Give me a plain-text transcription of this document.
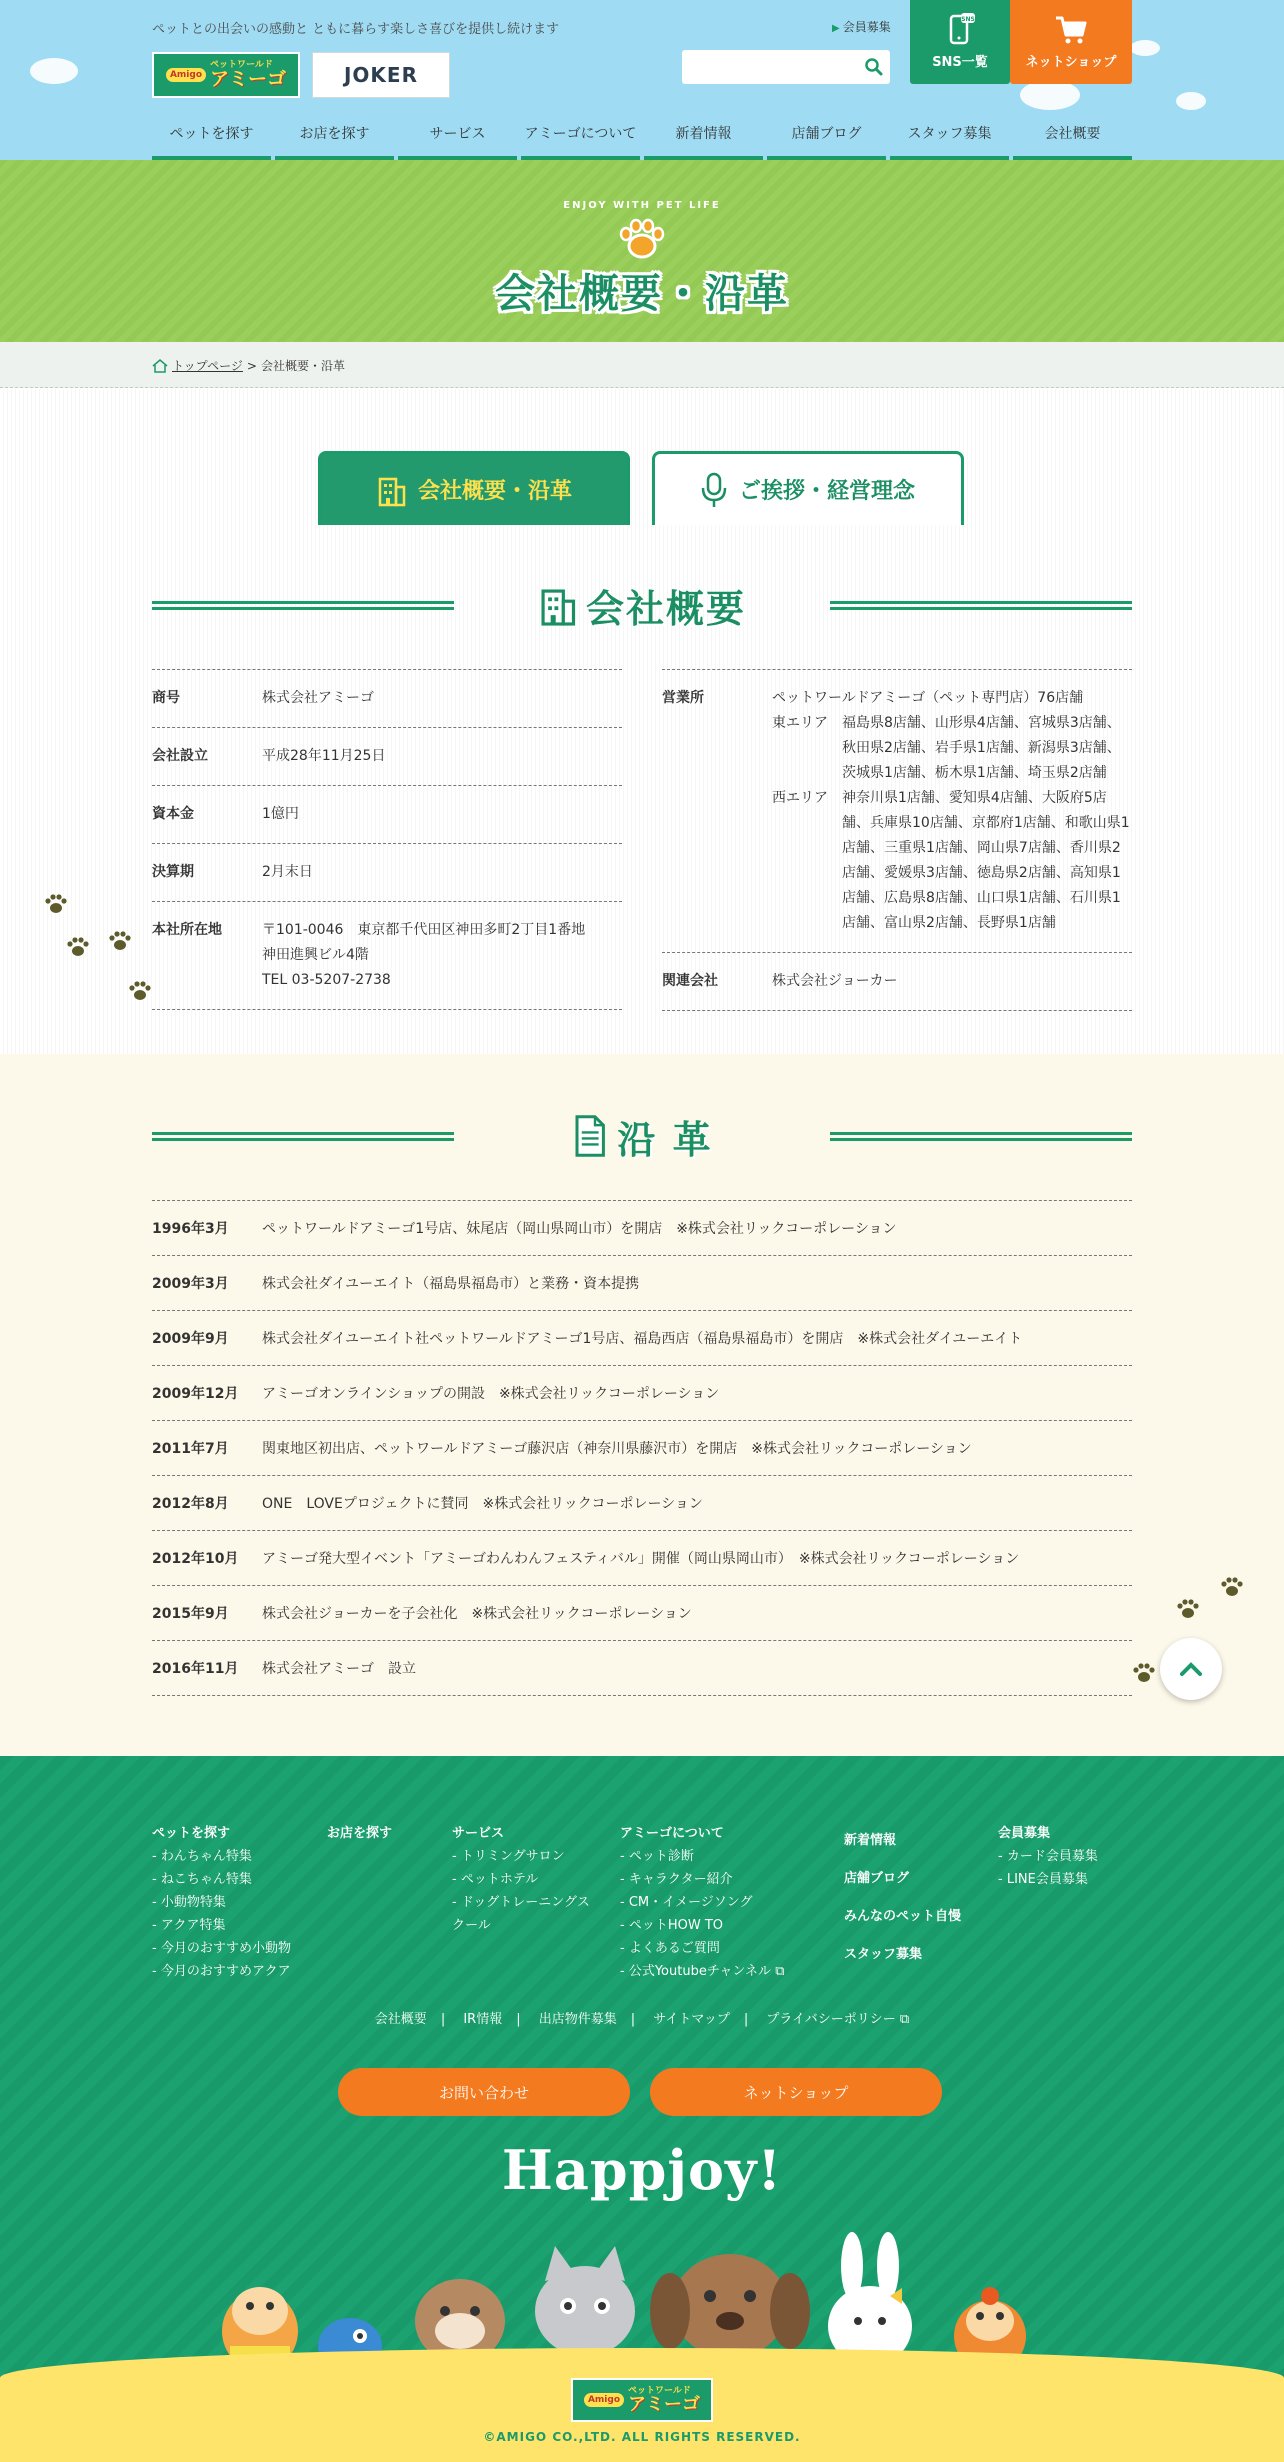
ペットとの出会いの感動と ともに暮らす楽しさ喜びを提供し続けます
Amigo
ペットワールド
アミーゴ	JOKER
▶ 会員募集
SNS
SNS一覧	ネットショップ
ペットを探す	お店を探す	サービス	アミーゴについて	新着情報	店舗ブログ	スタッフ募集	会社概要
ENJOY WITH PET LIFE
会社概要・沿革
トップページ > 会社概要・沿革
会社概要・沿革	ご挨拶・経営理念
会社概要
商号	株式会社アミーゴ
会社設立	平成28年11月25日
資本金	1億円
決算期	2月末日
本社所在地	〒101-0046　東京都千代田区神田多町2丁目1番地
神田進興ビル4階
TEL 03-5207-2738
営業所	ペットワールドアミーゴ（ペット専門店）76店舗
東エリア	福島県8店舗、山形県4店舗、宮城県3店舗、秋田県2店舗、岩手県1店舗、新潟県3店舗、茨城県1店舗、栃木県1店舗、埼玉県2店舗
西エリア	神奈川県1店舗、愛知県4店舗、大阪府5店舗、兵庫県10店舗、京都府1店舗、和歌山県1店舗、三重県1店舗、岡山県7店舗、香川県2店舗、愛媛県3店舗、徳島県2店舗、高知県1店舗、広島県8店舗、山口県1店舗、石川県1店舗、富山県2店舗、長野県1店舗
関連会社	株式会社ジョーカー
沿 革
1996年3月	ペットワールドアミーゴ1号店、妹尾店（岡山県岡山市）を開店　※株式会社リックコーポレーション
2009年3月	株式会社ダイユーエイト（福島県福島市）と業務・資本提携
2009年9月	株式会社ダイユーエイト社ペットワールドアミーゴ1号店、福島西店（福島県福島市）を開店　※株式会社ダイユーエイト
2009年12月	アミーゴオンラインショップの開設　※株式会社リックコーポレーション
2011年7月	関東地区初出店、ペットワールドアミーゴ藤沢店（神奈川県藤沢市）を開店　※株式会社リックコーポレーション
2012年8月	ONE　LOVEプロジェクトに賛同　※株式会社リックコーポレーション
2012年10月	アミーゴ発大型イベント「アミーゴわんわんフェスティバル」開催（岡山県岡山市）　※株式会社リックコーポレーション
2015年9月	株式会社ジョーカーを子会社化　※株式会社リックコーポレーション
2016年11月	株式会社アミーゴ　設立
ペットを探す
- わんちゃん特集
- ねこちゃん特集
- 小動物特集
- アクア特集
- 今月のおすすめ小動物
- 今月のおすすめアクア
お店を探す	サービス
- トリミングサロン
- ペットホテル
- ドッグトレーニングス
クール
アミーゴについて
- ペット診断
- キャラクター紹介
- CM・イメージソング
- ペットHOW TO
- よくあるご質問
- 公式Youtubeチャンネル ⧉
新着情報
店舗ブログ
みんなのペット自慢
スタッフ募集
会員募集
- カード会員募集
- LINE会員募集
会社概要 | IR情報 | 出店物件募集 | サイトマップ | プライバシーポリシー ⧉
お問い合わせ	ネットショップ
Happjoy!
Amigo
ペットワールド
アミーゴ
©AMIGO CO.,LTD. ALL RIGHTS RESERVED.
